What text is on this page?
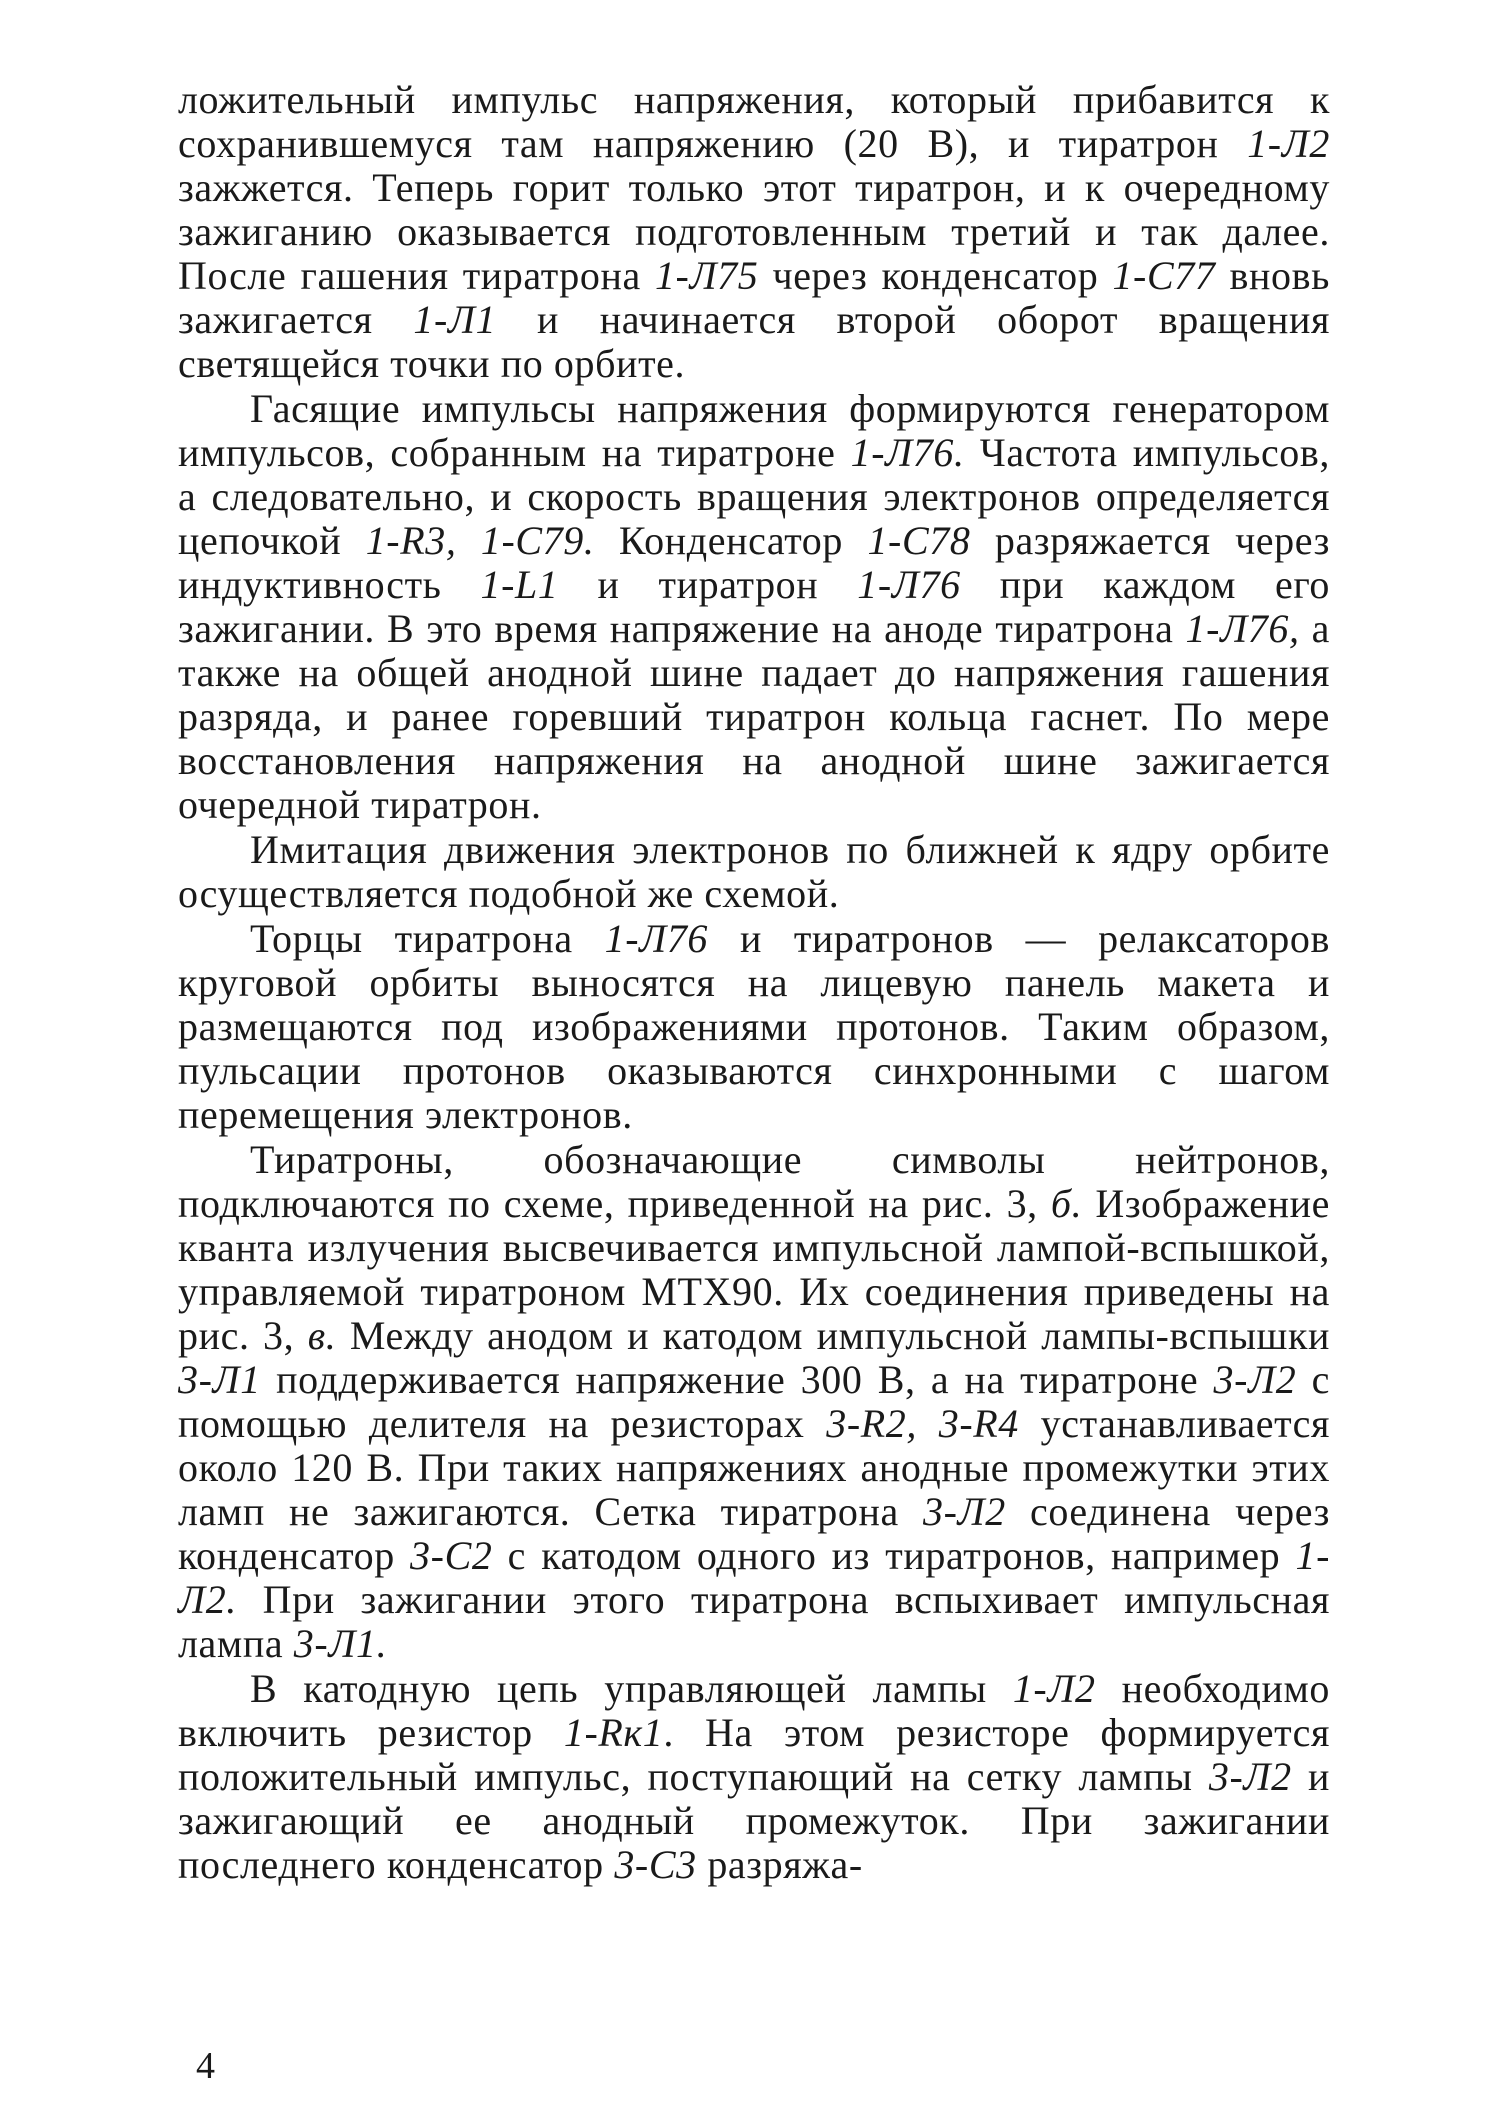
ложительный импульс напряжения, который прибавится к сохранившемуся там напряжению (20 В), и тиратрон 1-Л2 зажжется. Теперь горит только этот тиратрон, и к очередному зажиганию оказывается подготовленным третий и так далее. После гашения тиратрона 1-Л75 через конденсатор 1-С77 вновь зажигается 1-Л1 и начинается второй оборот вращения светящейся точки по орбите.

Гасящие импульсы напряжения формируются генератором импульсов, собранным на тиратроне 1-Л76. Частота импульсов, а следовательно, и скорость вращения электронов определяется цепочкой 1-R3, 1-С79. Конденсатор 1-С78 разряжается через индуктивность 1-L1 и тиратрон 1-Л76 при каждом его зажигании. В это время напряжение на аноде тиратрона 1-Л76, а также на общей анодной шине падает до напряжения гашения разряда, и ранее горевший тиратрон кольца гаснет. По мере восстановления напряжения на анодной шине зажигается очередной тиратрон.

Имитация движения электронов по ближней к ядру орбите осуществляется подобной же схемой.

Торцы тиратрона 1-Л76 и тиратронов — релаксаторов круговой орбиты выносятся на лицевую панель макета и размещаются под изображениями протонов. Таким образом, пульсации протонов оказываются синхронными с шагом перемещения электронов.

Тиратроны, обозначающие символы нейтронов, подключаются по схеме, приведенной на рис. 3, б. Изображение кванта излучения высвечивается импульсной лампой-вспышкой, управляемой тиратроном МТХ90. Их соединения приведены на рис. 3, в. Между анодом и катодом импульсной лампы-вспышки 3-Л1 поддерживается напряжение 300 В, а на тиратроне 3-Л2 с помощью делителя на резисторах 3-R2, 3-R4 устанавливается около 120 В. При таких напряжениях анодные промежутки этих ламп не зажигаются. Сетка тиратрона 3-Л2 соединена через конденсатор 3-С2 с катодом одного из тиратронов, например 1-Л2. При зажигании этого тиратрона вспыхивает импульсная лампа 3-Л1.

В катодную цепь управляющей лампы 1-Л2 необходимо включить резистор 1-Rк1. На этом резисторе формируется положительный импульс, поступающий на сетку лампы 3-Л2 и зажигающий ее анодный промежуток. При зажигании последнего конденсатор 3-С3 разряжа-

4
